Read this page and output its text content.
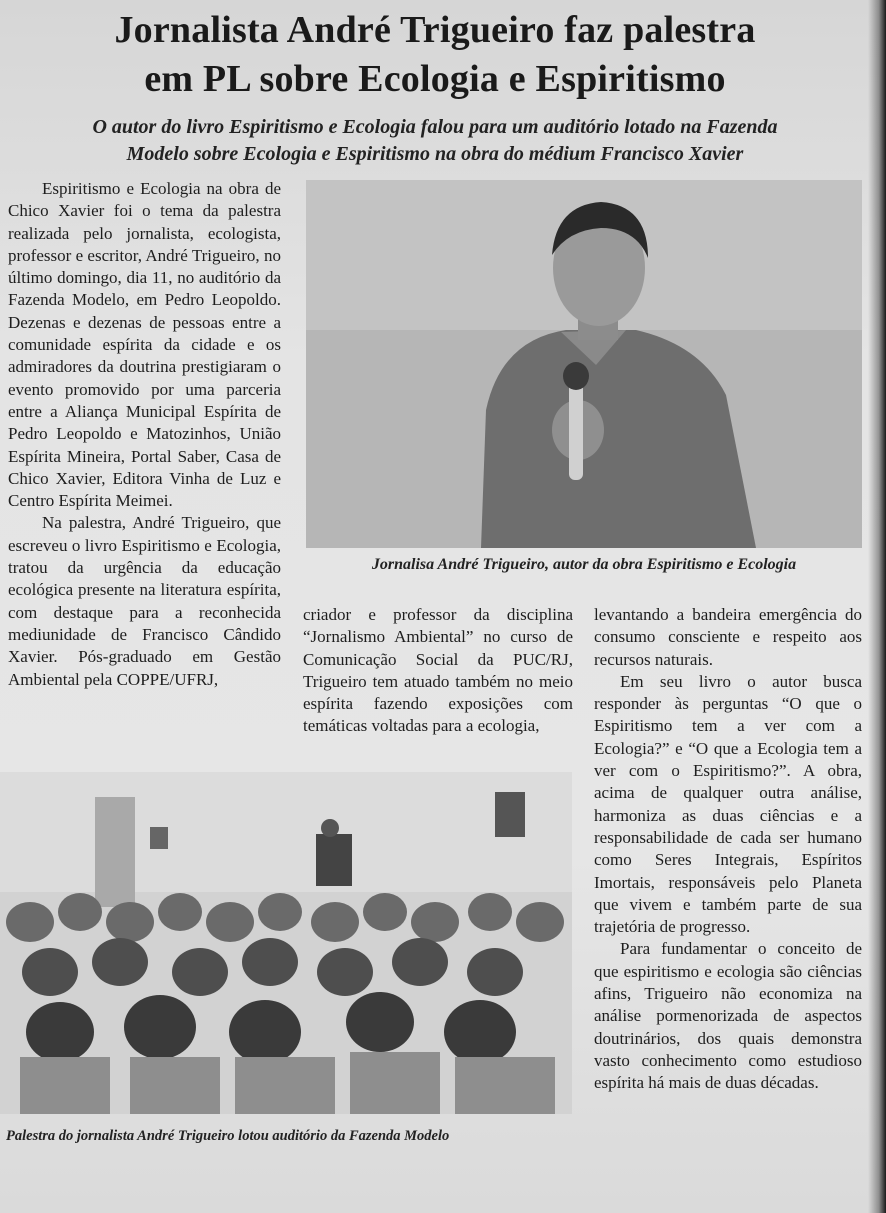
Jornalista André Trigueiro faz palestra
em PL sobre Ecologia e Espiritismo
O autor do livro Espiritismo e Ecologia falou para um auditório lotado na Fazenda
Modelo sobre Ecologia e Espiritismo na obra do médium Francisco Xavier

Espiritismo e Ecologia na obra de Chico Xavier foi o tema da palestra realizada pelo jornalista, ecologista, professor e escritor, André Trigueiro, no último domingo, dia 11, no auditório da Fazenda Modelo, em Pedro Leopoldo. Dezenas e dezenas de pessoas entre a comunidade espírita da cidade e os admiradores da doutrina prestigiaram o evento promovido por uma parceria entre a Aliança Municipal Espírita de Pedro Leopoldo e Matozinhos, União Espírita Mineira, Portal Saber, Casa de Chico Xavier, Editora Vinha de Luz e Centro Espírita Meimei.

Na palestra, André Trigueiro, que escreveu o livro Espiritismo e Ecologia, tratou da urgência da educação ecológica presente na literatura espírita, com destaque para a reconhecida mediunidade de Francisco Cândido Xavier. Pós-graduado em Gestão Ambiental pela COPPE/UFRJ,

Jornalisa André Trigueiro, autor da obra Espiritismo e Ecologia

criador e professor da disciplina “Jornalismo Ambiental” no curso de Comunicação Social da PUC/RJ, Trigueiro tem atuado também no meio espírita fazendo exposições com temáticas voltadas para a ecologia,

levantando a bandeira emergência do consumo consciente e respeito aos recursos naturais.

Em seu livro o autor busca responder às perguntas “O que o Espiritismo tem a ver com a Ecologia?” e “O que a Ecologia tem a ver com o Espiritismo?”. A obra, acima de qualquer outra análise, harmoniza as duas ciências e a responsabilidade de cada ser humano como Seres Integrais, Espíritos Imortais, responsáveis pelo Planeta que vivem e também parte de sua trajetória de progresso.

Para fundamentar o conceito de que espiritismo e ecologia são ciências afins, Trigueiro não economiza na análise pormenorizada de aspectos doutrinários, dos quais demonstra vasto conhecimento como estudioso espírita há mais de duas décadas.

Palestra do jornalista André Trigueiro lotou auditório da Fazenda Modelo
